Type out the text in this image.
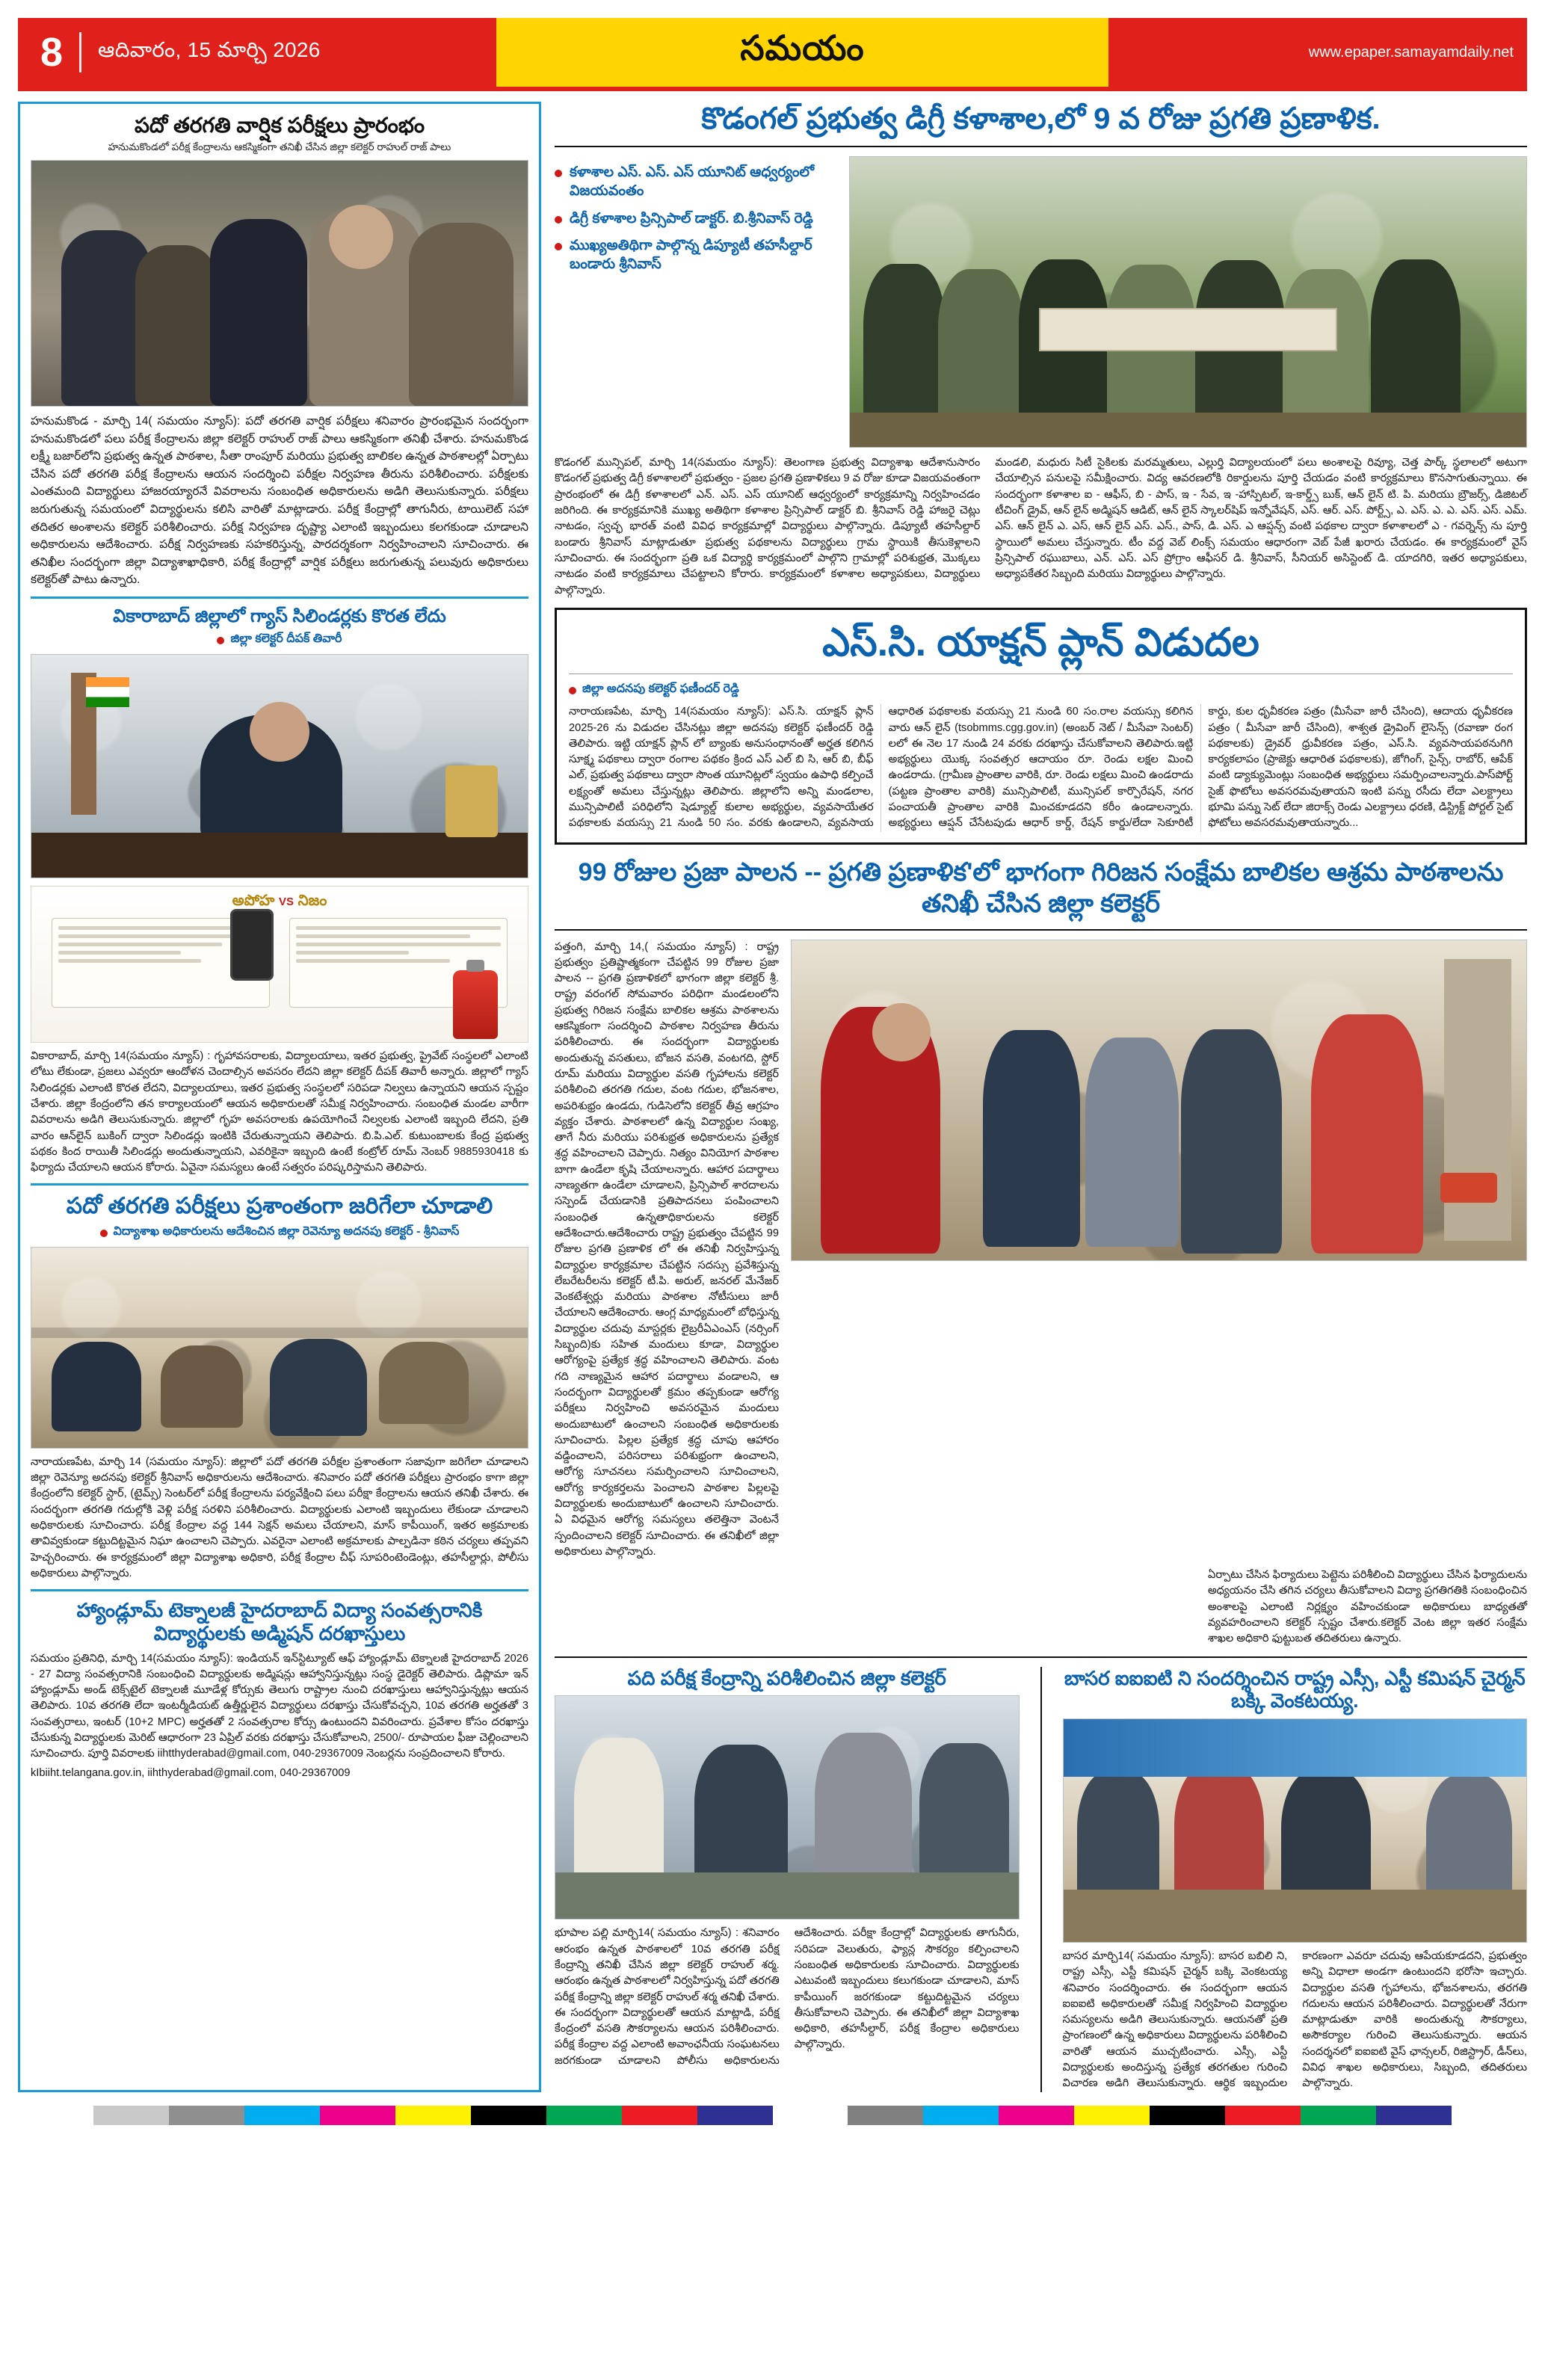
8	ఆదివారం, 15 మార్చి 2026	సమయం	www.epaper.samayamdaily.net
పదో తరగతి వార్షిక పరీక్షలు ప్రారంభం
హనుమకొండలో పరీక్ష కేంద్రాలను ఆకస్మికంగా తనిఖీ చేసిన జిల్లా కలెక్టర్ రాహుల్ రాజ్ పాలు
హనుమకొండ - మార్చి 14( సమయం న్యూస్): పదో తరగతి వార్షిక పరీక్షలు శనివారం ప్రారంభమైన సందర్భంగా హనుమకొండలో పలు పరీక్ష కేంద్రాలను జిల్లా కలెక్టర్ రాహుల్ రాజ్ పాలు ఆకస్మికంగా తనిఖీ చేశారు. హనుమకొండ లక్ష్మీ బజార్‌లోని ప్రభుత్వ ఉన్నత పాఠశాల, సీతా రాంపూర్ మరియు ప్రభుత్వ బాలికల ఉన్నత పాఠశాలల్లో ఏర్పాటు చేసిన పదో తరగతి పరీక్ష కేంద్రాలను ఆయన సందర్శించి పరీక్షల నిర్వహణ తీరును పరిశీలించారు. పరీక్షలకు ఎంతమంది విద్యార్థులు హాజరయ్యారనే వివరాలను సంబంధిత అధికారులను అడిగి తెలుసుకున్నారు. పరీక్షలు జరుగుతున్న సమయంలో విద్యార్థులను కలిసి వారితో మాట్లాడారు. పరీక్ష కేంద్రాల్లో తాగునీరు, టాయిలెట్ సహా తదితర అంశాలను కలెక్టర్ పరిశీలించారు. పరీక్ష నిర్వహణ దృష్ట్యా ఎలాంటి ఇబ్బందులు కలగకుండా చూడాలని అధికారులను ఆదేశించారు. పరీక్ష నిర్వహణకు సహకరిస్తున్న, పారదర్శకంగా నిర్వహించాలని సూచించారు. ఈ తనిఖీల సందర్భంగా జిల్లా విద్యాశాఖాధికారి, పరీక్ష కేంద్రాల్లో వార్షిక పరీక్షలు జరుగుతున్న పలువురు అధికారులు కలెక్టర్‌తో పాటు ఉన్నారు.
వికారాబాద్ జిల్లాలో గ్యాస్ సిలిండర్లకు కొరత లేదు
జిల్లా కలెక్టర్ దీపక్ తివారీ
అపోహ VS నిజం
వికారాబాద్, మార్చి 14(సమయం న్యూస్) : గృహావసరాలకు, విద్యాలయాలు, ఇతర ప్రభుత్వ, ప్రైవేట్ సంస్థలలో ఎలాంటి లోటు లేకుండా, ప్రజలు ఎవ్వరూ ఆందోళన చెందాల్సిన అవసరం లేదని జిల్లా కలెక్టర్ దీపక్ తివారీ అన్నారు. జిల్లాలో గ్యాస్ సిలిండర్లకు ఎలాంటి కొరత లేదని, విద్యాలయాలు, ఇతర ప్రభుత్వ సంస్థలలో సరిపడా నిల్వలు ఉన్నాయని ఆయన స్పష్టం చేశారు. జిల్లా కేంద్రంలోని తన కార్యాలయంలో ఆయన అధికారులతో సమీక్ష నిర్వహించారు. సంబంధిత మండల వారీగా వివరాలను అడిగి తెలుసుకున్నారు. జిల్లాలో గృహ అవసరాలకు ఉపయోగించే నిల్వలకు ఎలాంటి ఇబ్బంది లేదని, ప్రతి వారం ఆన్‌లైన్ బుకింగ్ ద్వారా సిలిండర్లు ఇంటికి చేరుతున్నాయని తెలిపారు. బి.పి.ఎల్. కుటుంబాలకు కేంద్ర ప్రభుత్వ పథకం కింద రాయితీ సిలిండర్లు అందుతున్నాయని, ఎవరికైనా ఇబ్బంది ఉంటే కంట్రోల్ రూమ్ నెంబర్ 9885930418 కు ఫిర్యాదు చేయాలని ఆయన కోరారు. ఏవైనా సమస్యలు ఉంటే సత్వరం పరిష్కరిస్తామని తెలిపారు.
పదో తరగతి పరీక్షలు ప్రశాంతంగా జరిగేలా చూడాలి
విద్యాశాఖ అధికారులను ఆదేశించిన జిల్లా రెవెన్యూ అదనపు కలెక్టర్ - శ్రీనివాస్
నారాయణపేట, మార్చి 14 (సమయం న్యూస్): జిల్లాలో పదో తరగతి పరీక్షల ప్రశాంతంగా సజావుగా జరిగేలా చూడాలని జిల్లా రెవెన్యూ అదనపు కలెక్టర్ శ్రీనివాస్ అధికారులను ఆదేశించారు. శనివారం పదో తరగతి పరీక్షలు ప్రారంభం కాగా జిల్లా కేంద్రంలోని కలెక్టర్ స్టార్, (టైమ్స్) సెంటర్‌లో పరీక్ష కేంద్రాలను పర్యవేక్షించి పలు పరీక్షా కేంద్రాలను ఆయన తనిఖీ చేశారు. ఈ సందర్భంగా తరగతి గదుల్లోకి వెళ్లి పరీక్ష సరళిని పరిశీలించారు. విద్యార్థులకు ఎలాంటి ఇబ్బందులు లేకుండా చూడాలని అధికారులకు సూచించారు. పరీక్ష కేంద్రాల వద్ద 144 సెక్షన్ అమలు చేయాలని, మాస్ కాపీయింగ్, ఇతర అక్రమాలకు తావివ్వకుండా కట్టుదిట్టమైన నిఘా ఉంచాలని చెప్పారు. ఎవరైనా ఎలాంటి అక్రమాలకు పాల్పడినా కఠిన చర్యలు తప్పవని హెచ్చరించారు. ఈ కార్యక్రమంలో జిల్లా విద్యాశాఖ అధికారి, పరీక్ష కేంద్రాల చీఫ్ సూపరింటెండెంట్లు, తహసీల్దార్లు, పోలీసు అధికారులు పాల్గొన్నారు.
హ్యాండ్లూమ్ టెక్నాలజీ హైదరాబాద్ విద్యా సంవత్సరానికి విద్యార్థులకు అడ్మిషన్ దరఖాస్తులు
సమయం ప్రతినిధి, మార్చి 14(సమయం న్యూస్): ఇండియన్ ఇన్‌స్టిట్యూట్ ఆఫ్ హ్యాండ్లూమ్ టెక్నాలజీ హైదరాబాద్ 2026 - 27 విద్యా సంవత్సరానికి సంబంధించి విద్యార్థులకు అడ్మిషన్లు ఆహ్వానిస్తున్నట్లు సంస్థ డైరెక్టర్ తెలిపారు. డిప్లొమా ఇన్ హ్యాండ్లూమ్ అండ్ టెక్స్‌టైల్ టెక్నాలజీ మూడేళ్ల కోర్సుకు తెలుగు రాష్ట్రాల నుంచి దరఖాస్తులు ఆహ్వానిస్తున్నట్లు ఆయన తెలిపారు. 10వ తరగతి లేదా ఇంటర్మీడియట్ ఉత్తీర్ణులైన విద్యార్థులు దరఖాస్తు చేసుకోవచ్చని, 10వ తరగతి అర్హతతో 3 సంవత్సరాలు, ఇంటర్ (10+2 MPC) అర్హతతో 2 సంవత్సరాల కోర్సు ఉంటుందని వివరించారు. ప్రవేశాల కోసం దరఖాస్తు చేసుకున్న విద్యార్థులకు మెరిట్ ఆధారంగా 23 ఏప్రిల్ వరకు దరఖాస్తు చేసుకోవాలని, 2500/- రూపాయల ఫీజు చెల్లించాలని సూచించారు. పూర్తి వివరాలకు iihtthyderabad@gmail.com, 040-29367009 నెంబర్లను సంప్రదించాలని కోరారు.
kIbiiht.telangana.gov.in, iihthyderabad@gmail.com, 040-29367009
కొడంగల్ ప్రభుత్వ డిగ్రీ కళాశాల,లో 9 వ రోజు ప్రగతి ప్రణాళిక.
కళాశాల ఎస్. ఎస్. ఎస్ యూనిట్ ఆధ్వర్యంలో విజయవంతం
డిగ్రీ కళాశాల ప్రిన్సిపాల్ డాక్టర్. బి.శ్రీనివాస్ రెడ్డి
ముఖ్యఅతిథిగా పాల్గొన్న డిప్యూటీ తహసీల్దార్ బండారు శ్రీనివాస్
కొడంగల్ మున్సిపల్, మార్చి 14(సమయం న్యూస్): తెలంగాణ ప్రభుత్వ విద్యాశాఖ ఆదేశానుసారం కొడంగల్ ప్రభుత్వ డిగ్రీ కళాశాలలో ప్రభుత్వం - ప్రజల ప్రగతి ప్రణాళికలు 9 వ రోజు కూడా విజయవంతంగా ప్రారంభంలో ఈ డిగ్రీ కళాశాలలో ఎన్. ఎస్. ఎస్ యూనిట్ ఆధ్వర్యంలో కార్యక్రమాన్ని నిర్వహించడం జరిగింది. ఈ కార్యక్రమానికి ముఖ్య అతిథిగా కళాశాల ప్రిన్సిపాల్ డాక్టర్ బి. శ్రీనివాస్ రెడ్డి హాజరై చెట్లు నాటడం, స్వచ్ఛ భారత్ వంటి వివిధ కార్యక్రమాల్లో విద్యార్థులు పాల్గొన్నారు. డిప్యూటీ తహసీల్దార్ బండారు శ్రీనివాస్ మాట్లాడుతూ ప్రభుత్వ పథకాలను విద్యార్థులు గ్రామ స్థాయికి తీసుకెళ్లాలని సూచించారు. ఈ సందర్భంగా ప్రతి ఒక విద్యార్థి కార్యక్రమంలో పాల్గొని గ్రామాల్లో పరిశుభ్రత, మొక్కలు నాటడం వంటి కార్యక్రమాలు చేపట్టాలని కోరారు. కార్యక్రమంలో కళాశాల అధ్యాపకులు, విద్యార్థులు పాల్గొన్నారు.
మండలి, మధురు సిటీ సైకిలకు మరమ్మతులు, ఎల్లుర్తి విద్యాలయంలో పలు అంశాలపై రివ్యూ, చెత్త పార్క్ స్థలాలలో అటుగా చేయాల్సిన పనులపై సమీక్షించారు. విద్య ఆవరణలోకి రికార్డులను పూర్తి చేయడం వంటి కార్యక్రమాలు కొనసాగుతున్నాయి. ఈ సందర్భంగా కళాశాల ఐ - ఆఫీస్, బి - పాస్, ఇ - సేవ, ఇ -హాస్పిటల్, ఇ-కార్డ్స్ బుక్, ఆన్ లైన్ టి. పి. మరియు బ్రౌజర్స్, డిజిటల్ టీచింగ్ డ్రైవ్, ఆన్ లైన్ అడ్మిషన్ ఆడిట్, ఆన్ లైన్ స్కాలర్‌షిప్ ఇన్నోవేషన్, ఎస్. ఆర్. ఎస్. పోర్ట్స్, ఎ. ఎస్. ఎ. ఎ. ఎస్. ఎస్. ఎమ్. ఎస్. ఆన్ లైన్ ఎ. ఎస్, ఆన్ లైన్ ఎస్. ఎస్., పాస్, డి. ఎస్. ఎ ఆప్షన్స్ వంటి పథకాల ద్వారా కళాశాలలో ఎ - గవర్నెన్స్ ను పూర్తి స్థాయిలో అమలు చేస్తున్నారు. టీం వద్ద వెబ్ లింక్స్ సమయం ఆధారంగా వెబ్ పేజీ ఖరారు చేయడం. ఈ కార్యక్రమంలో వైస్ ప్రిన్సిపాల్ రఘుబాలు, ఎన్. ఎస్. ఎస్ ప్రోగ్రాం ఆఫీసర్ డి. శ్రీనివాస్, సీనియర్ అసిస్టెంట్ డి. యాదగిరి, ఇతర అధ్యాపకులు, అధ్యాపకేతర సిబ్బంది మరియు విద్యార్థులు పాల్గొన్నారు.
ఎస్.సి. యాక్షన్ ప్లాన్ విడుదల
జిల్లా అదనపు కలెక్టర్ ఫణీందర్ రెడ్డి
నారాయణపేట, మార్చి 14(సమయం న్యూస్): ఎస్.సి. యాక్షన్ ప్లాన్ 2025-26 ను విడుదల చేసినట్లు జిల్లా అదనపు కలెక్టర్ ఫణీందర్ రెడ్డి తెలిపారు. ఇట్టి యాక్షన్ ప్లాన్ లో బ్యాంకు అనుసంధానంతో అర్హత కలిగిన సూక్ష్మ పథకాలు ద్వారా రంగాల పథకం క్రింద ఎస్ ఎల్ బి సి, ఆర్ బి, బీఫ్ ఎల్, ప్రభుత్వ పథకాలు ద్వారా సొంత యూనిట్లలో స్వయం ఉపాధి కల్పించే లక్ష్యంతో అమలు చేస్తున్నట్లు తెలిపారు. జిల్లాలోని అన్ని మండలాల, మున్సిపాలిటీ పరిధిలోని షెడ్యూల్డ్ కులాల అభ్యర్థుల, వ్యవసాయేతర పథకాలకు వయస్సు 21 నుండి 50 సం. వరకు ఉండాలని, వ్యవసాయ ఆధారిత పథకాలకు వయస్సు 21 నుండి 60 సం.రాల వయస్సు కలిగిన వారు ఆన్ లైన్ (tsobmms.cgg.gov.in) (అంబర్ నెట్ / మీసేవా సెంటర్) లలో ఈ నెల 17 నుండి 24 వరకు దరఖాస్తు చేసుకోవాలని తెలిపారు.ఇట్టి అభ్యర్థులు యొక్క సంవత్సర ఆదాయం రూ. రెండు లక్షల మించి ఉండరాదు. (గ్రామీణ ప్రాంతాల వారికి, రూ. రెండు లక్షలు మించి ఉండరాదు (పట్టణ ప్రాంతాల వారికి) మున్సిపాలిటీ, మున్సిపల్ కార్పొరేషన్, నగర పంచాయతీ ప్రాంతాల వారికి మించకూడదని కరీం ఉండాలన్నారు. అభ్యర్థులు ఆప్షన్ చేసేటపుడు ఆధార్ కార్డ్, రేషన్ కార్డు/లేదా సెకూరిటీ కార్డు, కుల ధృవీకరణ పత్రం (మీసేవా జారీ చేసింది), ఆదాయ ధృవీకరణ పత్రం ( మీసేవా జారీ చేసింది), శాశ్వత డ్రైవింగ్ లైసెన్స్ (రవాణా రంగ పథకాలకు) డ్రైవర్ ధ్రువీకరణ పత్రం, ఎస్.సి. వ్యవసాయపఠనుగిగి కార్యకలాపం (ప్రాజెక్టు ఆధారిత పథకాలకు), జోగింగ్, సైన్స్, రాబోర్, ఆపేక్ వంటి డ్యాక్యుమెంట్లు సంబంధిత అభ్యర్థులు సమర్పించాలన్నారు.పాస్‌పోర్ట్ సైజ్ ఫొటోలు అవసరమవుతాయని ఇంటి పన్ను రసీదు లేదా ఎలక్ట్రాలు భూమి పన్ను సెట్ లేదా జిరాక్స్ రెండు ఎలక్ట్రాలు ధరణి, డిస్ట్రిక్ట్ పోర్టల్ సైట్ ఫోటోలు అవసరమవుతాయన్నారు...
99 రోజుల ప్రజా పాలన -- ప్రగతి ప్రణాళిక'లో భాగంగా గిరిజన సంక్షేమ బాలికల ఆశ్రమ పాఠశాలను తనిఖీ చేసిన జిల్లా కలెక్టర్
పత్తంగి, మార్చి 14,( సమయం న్యూస్) : రాష్ట్ర ప్రభుత్వం ప్రతిష్టాత్మకంగా చేపట్టిన 99 రోజుల ప్రజా పాలన -- ప్రగతి ప్రణాళికలో భాగంగా జిల్లా కలెక్టర్ శ్రీ. రాష్ట్ర వరంగల్ సోమవారం పరిధిగా మండలంలోని ప్రభుత్వ గిరిజన సంక్షేమ బాలికల ఆశ్రమ పాఠశాలను ఆకస్మికంగా సందర్శించి పాఠశాల నిర్వహణ తీరును పరిశీలించారు. ఈ సందర్భంగా విద్యార్థులకు అందుతున్న వసతులు, బోజన వసతి, వంటగది, స్టోర్ రూమ్ మరియు విద్యార్థుల వసతి గృహాలను కలెక్టర్ పరిశీలించి తరగతి గదుల, వంట గదుల, భోజనశాల, అపరిశుభ్రం ఉండదు, గుడిసెలోని కలెక్టర్ తీవ్ర ఆగ్రహం వ్యక్తం చేశారు. పాఠశాలలో ఉన్న విద్యార్థుల సంఖ్య, తాగే నీరు మరియు పరిశుభ్రత అధికారులను ప్రత్యేక శ్రద్ధ వహించాలని చెప్పారు. నిత్యం వినియోగ పాఠశాల బాగా ఉండేలా కృషి చేయాలన్నారు. ఆహార పదార్థాలు నాణ్యతగా ఉండేలా చూడాలని, ప్రిన్సిపాల్ శారదాలను సస్పెండ్ చేయడానికి ప్రతిపాదనలు పంపించాలని సంబంధిత ఉన్నతాధికారులను కలెక్టర్ ఆదేశించారు.ఆదేశించారు రాష్ట్ర ప్రభుత్వం చేపట్టిన 99 రోజుల ప్రగతి ప్రణాళిక లో ఈ తనిఖీ నిర్వహిస్తున్న విద్యార్థుల కార్యక్రమాల చేపట్టిన సదస్సు ప్రవేశిస్తున్న లేబరేటరీలను కలెక్టర్ టీ.పి. అరుల్, జనరల్ మేనేజర్ వెంకటేశ్వర్లు మరియు పాఠశాల నోటీసులు జారీ చేయాలని ఆదేశించారు. ఆంగ్ల మాధ్యమంలో బోధిస్తున్న విద్యార్థుల చదువు మాస్టర్లకు లైబ్రరీఏఎంఎస్ (నర్సింగ్ సిబ్బంది)కు సహిత మందులు కూడా, విద్యార్థుల ఆరోగ్యంపై ప్రత్యేక శ్రద్ధ వహించాలని తెలిపారు. వంట గది నాణ్యమైన ఆహార పదార్థాలు వండాలని, ఆ సందర్భంగా విద్యార్థులతో క్రమం తప్పకుండా ఆరోగ్య పరీక్షలు నిర్వహించి అవసరమైన మందులు అందుబాటులో ఉంచాలని సంబంధిత అధికారులకు సూచించారు. పిల్లల ప్రత్యేక శ్రద్ధ చూపు ఆహారం వడ్డించాలని, పరిసరాలు పరిశుభ్రంగా ఉంచాలని, ఆరోగ్య సూచనలు సమర్పించాలని సూచించాలని, ఆరోగ్య కార్యకర్తలను పెంచాలని పాఠశాల పిల్లలపై విద్యార్థులకు అందుబాటులో ఉంచాలని సూచించారు. ఏ విధమైన ఆరోగ్య సమస్యలు తలెత్తినా వెంటనే స్పందించాలని కలెక్టర్ సూచించారు. ఈ తనిఖీలో జిల్లా అధికారులు పాల్గొన్నారు.
ఏర్పాటు చేసిన ఫిర్యాదులు పెట్టెను పరిశీలించి విద్యార్థులు చేసిన ఫిర్యాదులను అధ్యయనం చేసి తగిన చర్యలు తీసుకోవాలని విద్యా ప్రగతిగతికి సంబంధించిన అంశాలపై ఎలాంటి నిర్లక్ష్యం వహించకుండా అధికారులు బాధ్యతతో వ్యవహరించాలని కలెక్టర్ స్పష్టం చేశారు.కలెక్టర్ వెంట జిల్లా ఇతర సంక్షేమ శాఖల అధికారి ఫుట్టుబత తదితరులు ఉన్నారు.
పది పరీక్ష కేంద్రాన్ని పరిశీలించిన జిల్లా కలెక్టర్
భూపాల పల్లి మార్చి14( సమయం న్యూస్) : శనివారం ఆరంభం ఉన్నత పాఠశాలలో 10వ తరగతి పరీక్ష కేంద్రాన్ని తనిఖీ చేసిన జిల్లా కలెక్టర్ రాహుల్ శర్మ. ఆరంభం ఉన్నత పాఠశాలలో నిర్వహిస్తున్న పదో తరగతి పరీక్ష కేంద్రాన్ని జిల్లా కలెక్టర్ రాహుల్ శర్మ తనిఖీ చేశారు. ఈ సందర్భంగా విద్యార్థులతో ఆయన మాట్లాడి, పరీక్ష కేంద్రంలో వసతి సౌకర్యాలను ఆయన పరిశీలించారు. పరీక్ష కేంద్రాల వద్ద ఎలాంటి అవాంఛనీయ సంఘటనలు జరగకుండా చూడాలని పోలీసు అధికారులను ఆదేశించారు. పరీక్షా కేంద్రాల్లో విద్యార్థులకు తాగునీరు, సరిపడా వెలుతురు, ఫ్యాన్ల సౌకర్యం కల్పించాలని సంబంధిత అధికారులకు సూచించారు. విద్యార్థులకు ఎటువంటి ఇబ్బందులు కలుగకుండా చూడాలని, మాస్ కాపీయింగ్ జరగకుండా కట్టుదిట్టమైన చర్యలు తీసుకోవాలని చెప్పారు. ఈ తనిఖీలో జిల్లా విద్యాశాఖ అధికారి, తహసీల్దార్, పరీక్ష కేంద్రాల అధికారులు పాల్గొన్నారు.
బాసర ఐఐఐటి ని సందర్శించిన రాష్ట్ర ఎస్సీ, ఎస్టీ కమిషన్ చైర్మన్ బక్కి వెంకటయ్య.
బాసర మార్చి14( సమయం న్యూస్): బాసర బబిలి ని, రాష్ట్ర ఎస్సీ, ఎస్టీ కమిషన్ చైర్మన్ బక్కి వెంకటయ్య శనివారం సందర్శించారు. ఈ సందర్భంగా ఆయన ఐఐఐటి అధికారులతో సమీక్ష నిర్వహించి విద్యార్థుల సమస్యలను అడిగి తెలుసుకున్నారు. ఆయనతో ప్రతి ప్రాంగణంలో ఉన్న అధికారులు విద్యార్థులను పరిశీలించి వారితో ఆయన ముచ్చటించారు. ఎస్సీ, ఎస్టీ విద్యార్థులకు అందిస్తున్న ప్రత్యేక తరగతుల గురించి విచారణ అడిగి తెలుసుకున్నారు. ఆర్థిక ఇబ్బందుల కారణంగా ఎవరూ చదువు ఆపేయకూడదని, ప్రభుత్వం అన్ని విధాలా అండగా ఉంటుందని భరోసా ఇచ్చారు. విద్యార్థుల వసతి గృహాలను, భోజనశాలను, తరగతి గదులను ఆయన పరిశీలించారు. విద్యార్థులతో నేరుగా మాట్లాడుతూ వారికి అందుతున్న సౌకర్యాలు, అసౌకర్యాల గురించి తెలుసుకున్నారు. ఆయన సందర్శనలో ఐఐఐటి వైస్ ఛాన్సలర్, రిజిస్ట్రార్, డీన్‌లు, వివిధ శాఖల అధికారులు, సిబ్బంది, తదితరులు పాల్గొన్నారు.
